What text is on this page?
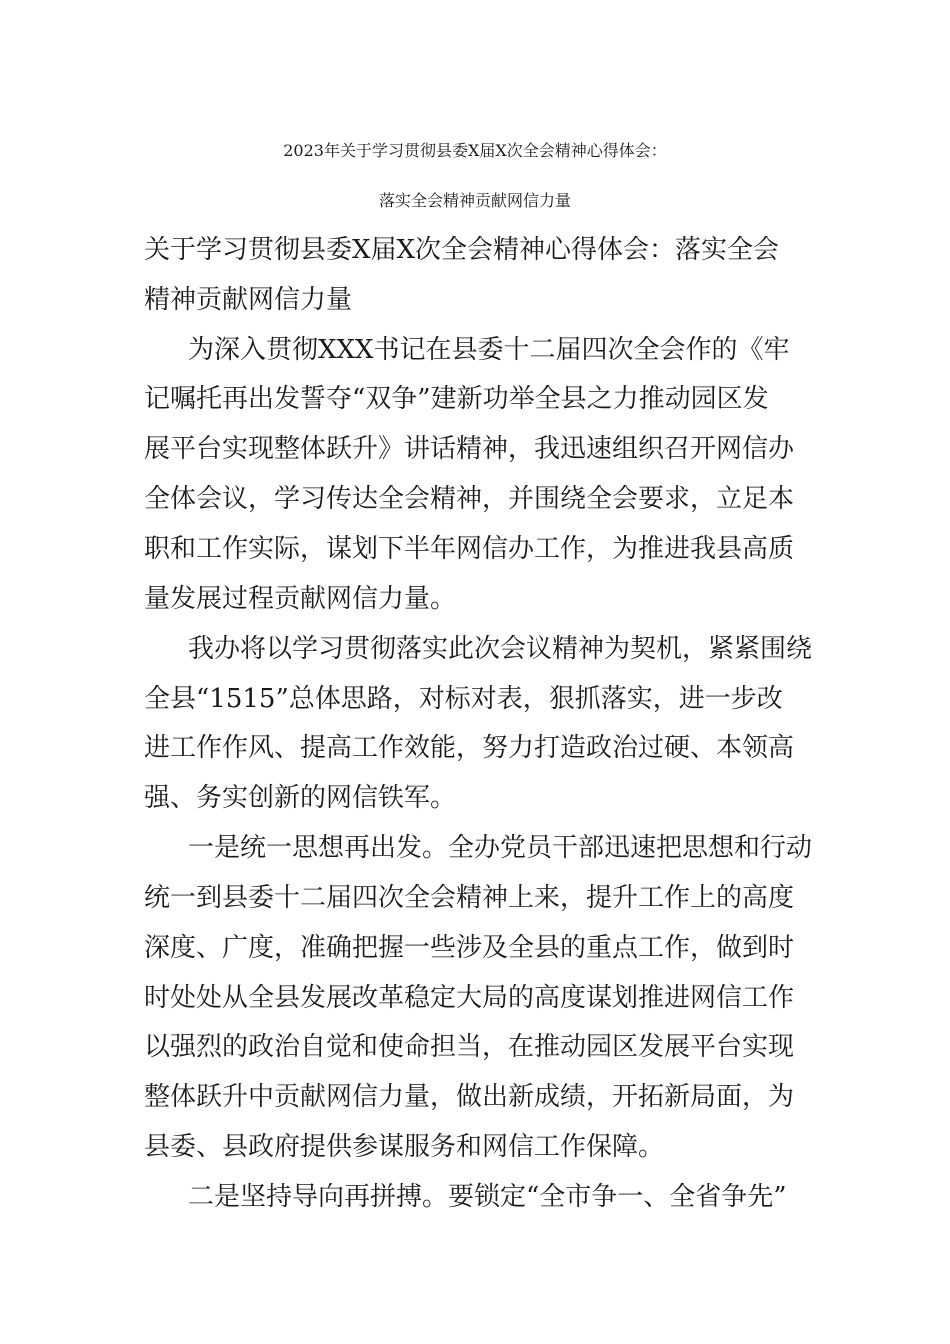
2023年关于学习贯彻县委X届X次全会精神心得体会：
落实全会精神贡献网信力量
关于学习贯彻县委X届X次全会精神心得体会：落实全会
精神贡献网信力量
为深入贯彻XXX书记在县委十二届四次全会作的《牢
记嘱托再出发誓夺“双争”建新功举全县之力推动园区发
展平台实现整体跃升》讲话精神，我迅速组织召开网信办
全体会议，学习传达全会精神，并围绕全会要求，立足本
职和工作实际，谋划下半年网信办工作，为推进我县高质
量发展过程贡献网信力量。
我办将以学习贯彻落实此次会议精神为契机，紧紧围绕
全县“1515”总体思路，对标对表，狠抓落实，进一步改
进工作作风、提高工作效能，努力打造政治过硬、本领高
强、务实创新的网信铁军。
一是统一思想再出发。全办党员干部迅速把思想和行动
统一到县委十二届四次全会精神上来，提升工作上的高度
深度、广度，准确把握一些涉及全县的重点工作，做到时
时处处从全县发展改革稳定大局的高度谋划推进网信工作
以强烈的政治自觉和使命担当，在推动园区发展平台实现
整体跃升中贡献网信力量，做出新成绩，开拓新局面，为
县委、县政府提供参谋服务和网信工作保障。
二是坚持导向再拼搏。要锁定“全市争一、全省争先”
